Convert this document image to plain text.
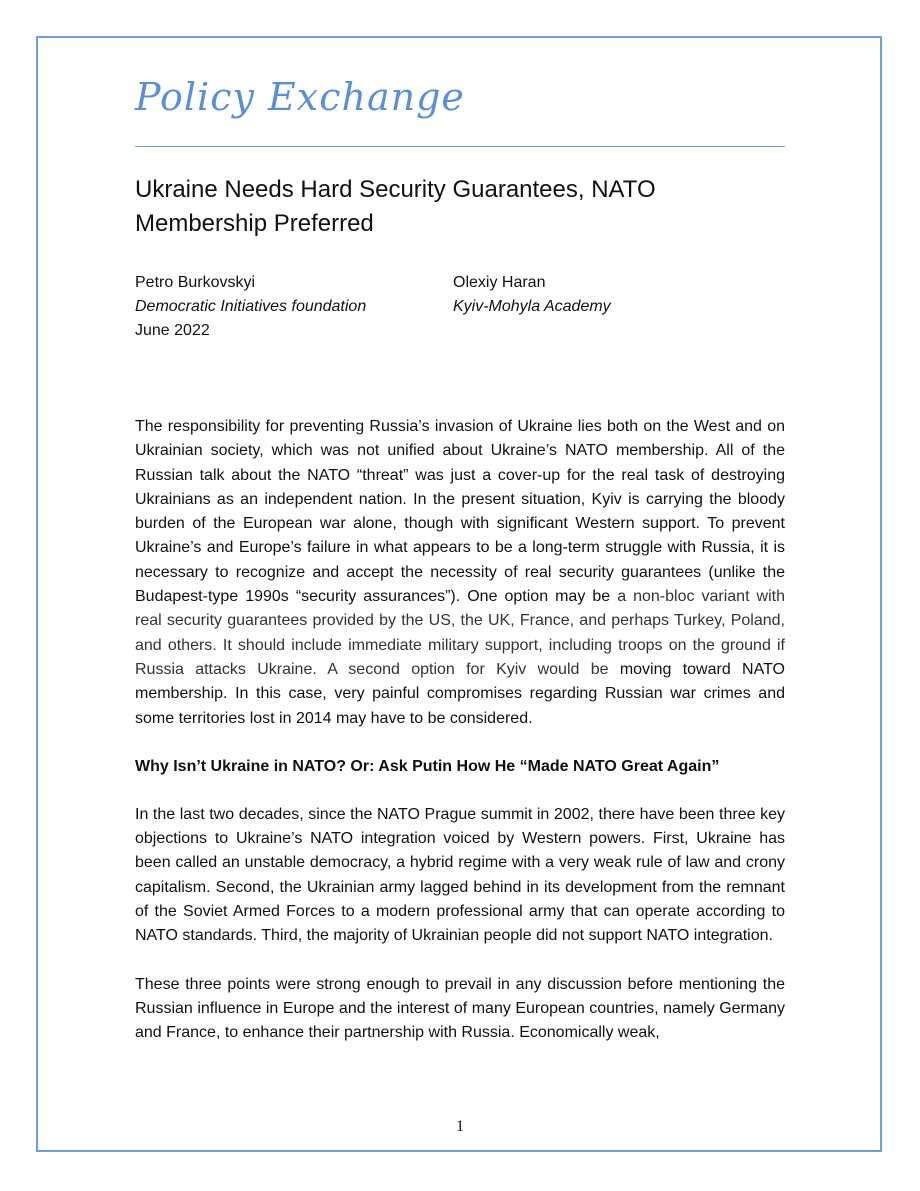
Policy Exchange
Ukraine Needs Hard Security Guarantees, NATO Membership Preferred
Petro Burkovskyi
Democratic Initiatives foundation
June 2022
Olexiy Haran
Kyiv-Mohyla Academy

The responsibility for preventing Russia’s invasion of Ukraine lies both on the West and on Ukrainian society, which was not unified about Ukraine’s NATO membership. All of the Russian talk about the NATO “threat” was just a cover-up for the real task of destroying Ukrainians as an independent nation. In the present situation, Kyiv is carrying the bloody burden of the European war alone, though with significant Western support. To prevent Ukraine’s and Europe’s failure in what appears to be a long-term struggle with Russia, it is necessary to recognize and accept the necessity of real security guarantees (unlike the Budapest-type 1990s “security assurances”). One option may be a non-bloc variant with real security guarantees provided by the US, the UK, France, and perhaps Turkey, Poland, and others. It should include immediate military support, including troops on the ground if Russia attacks Ukraine. A second option for Kyiv would be moving toward NATO membership. In this case, very painful compromises regarding Russian war crimes and some territories lost in 2014 may have to be considered.

Why Isn’t Ukraine in NATO? Or: Ask Putin How He “Made NATO Great Again”

In the last two decades, since the NATO Prague summit in 2002, there have been three key objections to Ukraine’s NATO integration voiced by Western powers. First, Ukraine has been called an unstable democracy, a hybrid regime with a very weak rule of law and crony capitalism. Second, the Ukrainian army lagged behind in its development from the remnant of the Soviet Armed Forces to a modern professional army that can operate according to NATO standards. Third, the majority of Ukrainian people did not support NATO integration.

These three points were strong enough to prevail in any discussion before mentioning the Russian influence in Europe and the interest of many European countries, namely Germany and France, to enhance their partnership with Russia. Economically weak,

1
